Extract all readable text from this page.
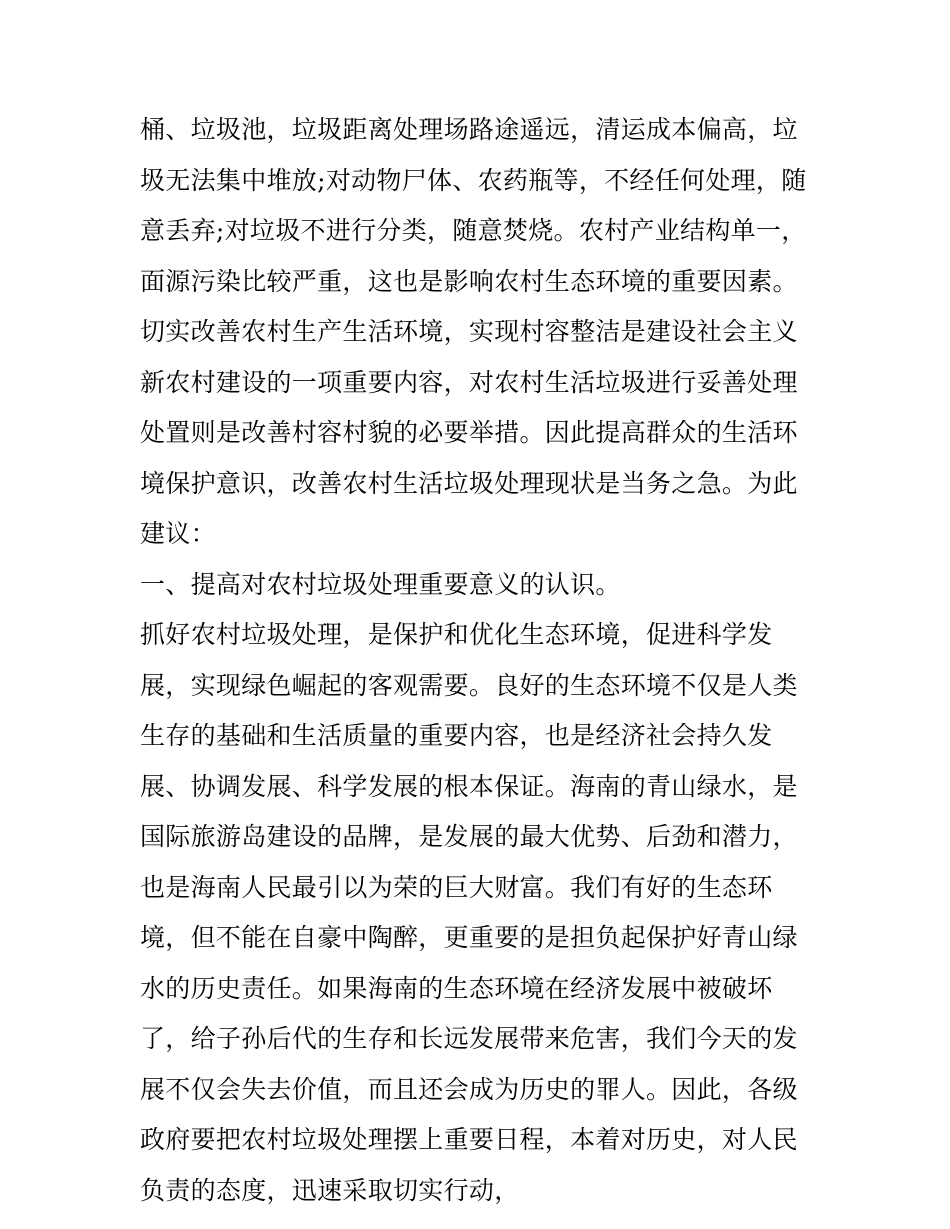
桶、垃圾池，垃圾距离处理场路途遥远，清运成本偏高，垃圾无法集中堆放;对动物尸体、农药瓶等，不经任何处理，随意丢弃;对垃圾不进行分类，随意焚烧。农村产业结构单一，面源污染比较严重，这也是影响农村生态环境的重要因素。

切实改善农村生产生活环境，实现村容整洁是建设社会主义新农村建设的一项重要内容，对农村生活垃圾进行妥善处理处置则是改善村容村貌的必要举措。因此提高群众的生活环境保护意识，改善农村生活垃圾处理现状是当务之急。为此建议：

一、提高对农村垃圾处理重要意义的认识。

抓好农村垃圾处理，是保护和优化生态环境，促进科学发展，实现绿色崛起的客观需要。良好的生态环境不仅是人类生存的基础和生活质量的重要内容，也是经济社会持久发展、协调发展、科学发展的根本保证。海南的青山绿水，是国际旅游岛建设的品牌，是发展的最大优势、后劲和潜力，也是海南人民最引以为荣的巨大财富。我们有好的生态环境，但不能在自豪中陶醉，更重要的是担负起保护好青山绿水的历史责任。如果海南的生态环境在经济发展中被破坏了，给子孙后代的生存和长远发展带来危害，我们今天的发展不仅会失去价值，而且还会成为历史的罪人。因此，各级政府要把农村垃圾处理摆上重要日程，本着对历史，对人民负责的态度，迅速采取切实行动，
